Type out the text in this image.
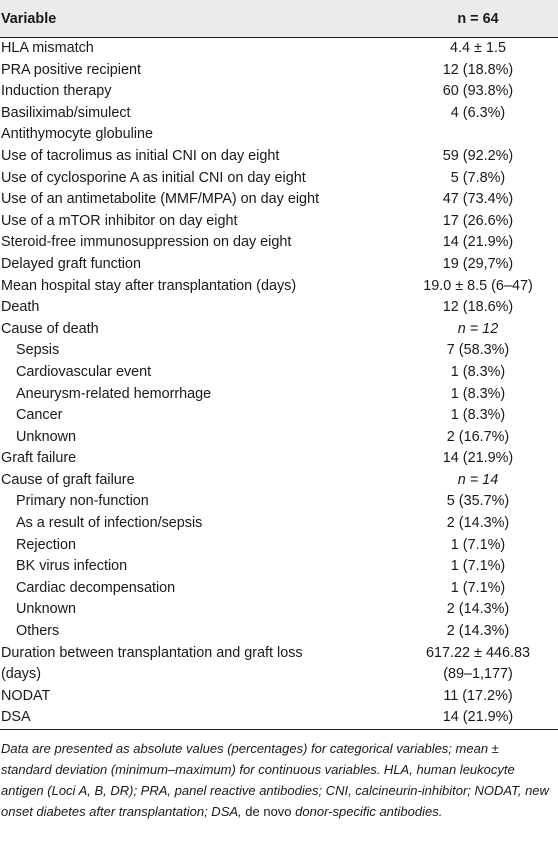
Variable	n = 64
HLA mismatch	4.4 ± 1.5
PRA positive recipient	12 (18.8%)
Induction therapy	60 (93.8%)
Basiliximab/simulect	4 (6.3%)
Antithymocyte globuline	
Use of tacrolimus as initial CNI on day eight	59 (92.2%)
Use of cyclosporine A as initial CNI on day eight	5 (7.8%)
Use of an antimetabolite (MMF/MPA) on day eight	47 (73.4%)
Use of a mTOR inhibitor on day eight	17 (26.6%)
Steroid-free immunosuppression on day eight	14 (21.9%)
Delayed graft function	19 (29,7%)
Mean hospital stay after transplantation (days)	19.0 ± 8.5 (6–47)
Death	12 (18.6%)
Cause of death	n = 12
Sepsis	7 (58.3%)
Cardiovascular event	1 (8.3%)
Aneurysm-related hemorrhage	1 (8.3%)
Cancer	1 (8.3%)
Unknown	2 (16.7%)
Graft failure	14 (21.9%)
Cause of graft failure	n = 14
Primary non-function	5 (35.7%)
As a result of infection/sepsis	2 (14.3%)
Rejection	1 (7.1%)
BK virus infection	1 (7.1%)
Cardiac decompensation	1 (7.1%)
Unknown	2 (14.3%)
Others	2 (14.3%)
Duration between transplantation and graft loss	617.22 ± 446.83
(days)	(89–1,177)
NODAT	11 (17.2%)
DSA	14 (21.9%)
Data are presented as absolute values (percentages) for categorical variables; mean ± standard deviation (minimum–maximum) for continuous variables. HLA, human leukocyte antigen (Loci A, B, DR); PRA, panel reactive antibodies; CNI, calcineurin-inhibitor; NODAT, new onset diabetes after transplantation; DSA, de novo donor-specific antibodies.
